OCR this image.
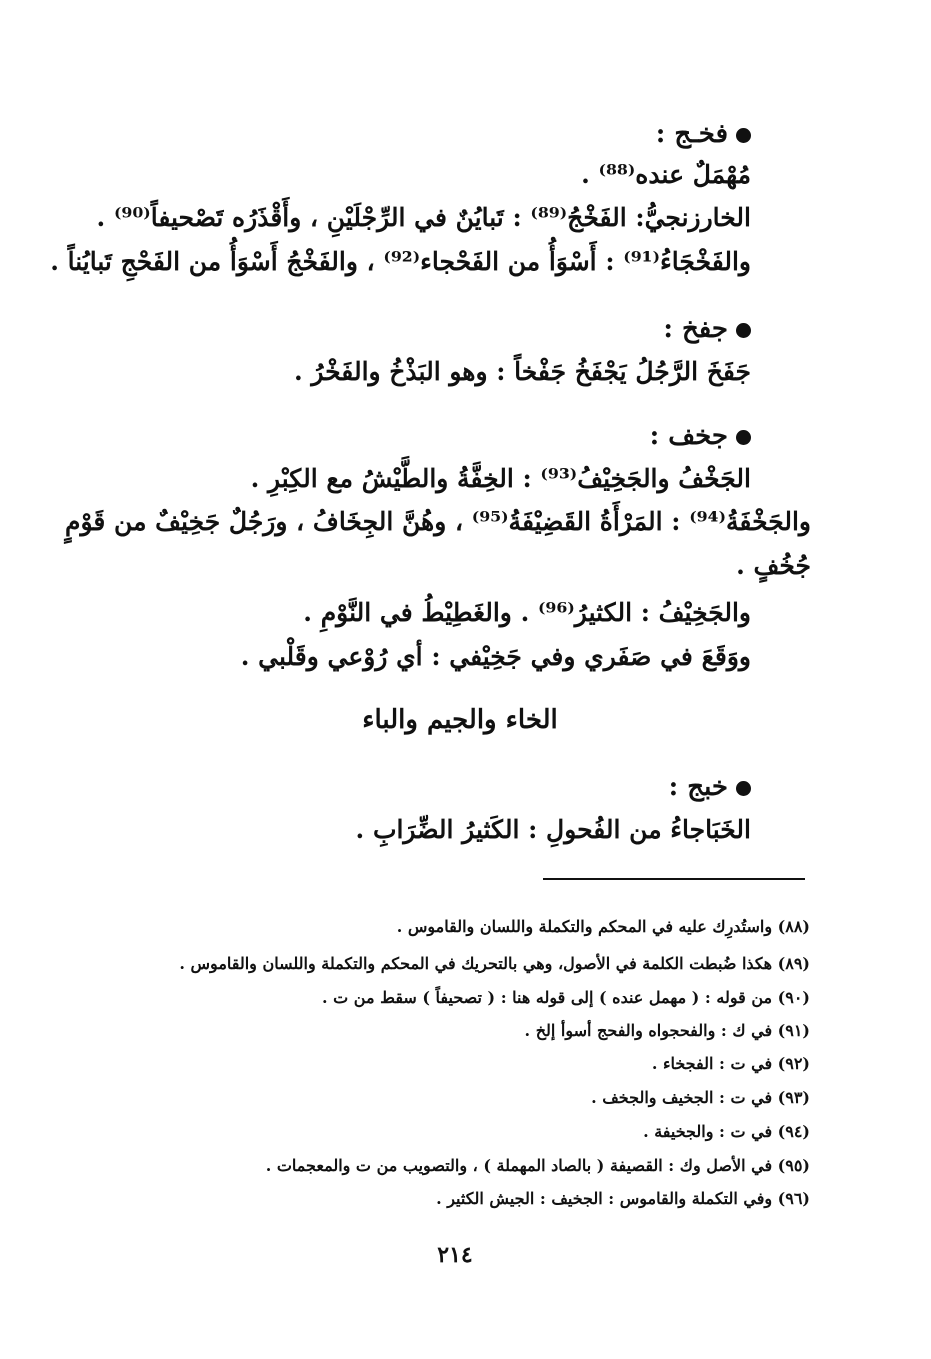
فخـج :
مُهْمَلٌ عنده⁽⁸⁸⁾ .
الخارزنجيُّ: الفَخْجُ⁽⁸⁹⁾ : تَبايُنٌ في الرِّجْلَيْنِ ، وأَقْذَرُه تَصْحيفاً⁽⁹⁰⁾ .
والفَخْجَاءُ⁽⁹¹⁾ : أَسْوَأُ من الفَحْجاء⁽⁹²⁾ ، والفَخْجُ أَسْوَأُ من الفَحْجِ تَبايُناً .
جفخ :
جَفَخَ الرَّجُلُ يَجْفَخُ جَفْخاً : وهو البَذْخُ والفَخْرُ .
جخف :
الجَخْفُ والجَخِيْفُ⁽⁹³⁾ : الخِفَّةُ والطَّيْشُ مع الكِبْرِ .
والجَخْفَةُ⁽⁹⁴⁾ : المَرْأَةُ القَضِيْفَةُ⁽⁹⁵⁾ ، وهُنَّ الجِخَافُ ، ورَجُلٌ جَخِيْفٌ من قَوْمٍ
جُخُفٍ .
والجَخِيْفُ : الكثيرُ⁽⁹⁶⁾ . والغَطِيْطُ في النَّوْمِ .
ووَقَعَ في صَفَري وفي جَخِيْفي : أي رُوْعي وقَلْبي .
الخاء والجيم والباء
خبج :
الخَبَاجاءُ من الفُحولِ : الكَثيرُ الضِّرَابِ .
(٨٨) واستُدرِك عليه في المحكم والتكملة واللسان والقاموس .
(٨٩) هكذا ضُبطت الكلمة في الأصول، وهي بالتحريك في المحكم والتكملة واللسان والقاموس .
(٩٠) من قوله : ( مهمل عنده ) إلى قوله هنا : ( تصحيفاً ) سقط من ت .
(٩١) في ك : والفحجواه والفحج أسوأ إلخ .
(٩٢) في ت : الفجخاء .
(٩٣) في ت : الجخيف والجخف .
(٩٤) في ت : والجخيفة .
(٩٥) في الأصل وك : القصيفة ( بالصاد المهملة ) ، والتصويب من ت والمعجمات .
(٩٦) وفي التكملة والقاموس : الجخيف : الجيش الكثير .
٢١٤
